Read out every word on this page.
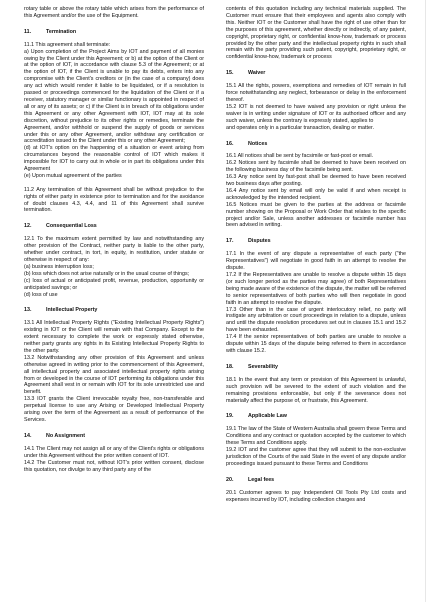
rotary table or above the rotary table which arises from the performance of this Agreement and/or the use of the Equipment.
11.	Termination
11.1 This agreement shall terminate:
a) Upon completion of the Project Aims by IOT and payment of all monies owing by the Client under this Agreement; or b) at the option of the Client or at the option of IOT, in accordance with clause 5.3 of the Agreement; or at the option of IOT, if the Client is unable to pay its debts, enters into any compromise with the Client's creditors or (in the case of a company) does any act which would render it liable to be liquidated, or if a resolution is passed or proceedings commenced for the liquidation of the Client or if a receiver, statutory manager or similar functionary is appointed in respect of all or any of its assets; or c) if the Client is in breach of its obligations under this Agreement or any other Agreement with IOT, IOT may at its sole discretion, without prejudice to its other rights or remedies, terminate the Agreement, and/or withhold or suspend the supply of goods or services under this or any other Agreement, and/or withdraw any certification or accreditation issued to the Client under this or any other Agreement;
(d) at IOT's option on the happening of a situation or event arising from circumstances beyond the reasonable control of IOT which makes it impossible for IOT to carry out in whole or in part its obligations under this Agreement
(e) Upon mutual agreement of the parties
11.2 Any termination of this Agreement shall be without prejudice to the rights of either party in existence prior to termination and for the avoidance of doubt clauses 4.3, 4.4, and 11 of this Agreement shall survive termination.
12.	Consequential Loss
12.1 To the maximum extent permitted by law and notwithstanding any other provision of the Contract, neither party is liable to the other party, whether under contract, in tort, in equity, in restitution, under statute or otherwise in respect of any:
(a) business interruption loss;
(b) loss which does not arise naturally or in the usual course of things;
(c) loss of actual or anticipated profit, revenue, production, opportunity or anticipated savings; or
(d) loss of use
13.	Intellectual Property
13.1 All Intellectual Property Rights ("Existing Intellectual Property Rights") existing in IOT or the Client will remain with that Company. Except to the extent necessary to complete the work or expressly stated otherwise, neither party grants any rights in its Existing Intellectual Property Rights to the other party.
13.2 Notwithstanding any other provision of this Agreement and unless otherwise agreed in writing prior to the commencement of this Agreement, all intellectual property and associated intellectual property rights arising from or developed in the course of IOT performing its obligations under this Agreement shall vest in or remain with IOT for its sole unrestricted use and benefit.
13.3 IOT grants the Client irrevocable royalty free, non-transferable and perpetual license to use any Arising or Developed Intellectual Property arising over the term of the Agreement as a result of performance of the Services.
14.	No Assignment
14.1 The Client may not assign all or any of the Client's rights or obligations under this Agreement without the prior written consent of IOT.
14.2 The Customer must not, without IOT's prior written consent, disclose this quotation, nor divulge to any third party any of the
contents of this quotation including any technical materials supplied. The Customer must ensure that their employees and agents also comply with this. Neither IOT or the Customer shall have the right of use other than for the purposes of this agreement, whether directly or indirectly, of any patent, copyright, proprietary right, or confidential know-how, trademark or process provided by the other party and the intellectual property rights in such shall remain with the party providing such patent, copyright, proprietary right, or confidential know-how, trademark or process
15.	Waiver
15.1 All the rights, powers, exemptions and remedies of IOT remain in full force notwithstanding any neglect, forbearance or delay in the enforcement thereof.
15.2 IOT is not deemed to have waived any provision or right unless the waiver is in writing under signature of IOT or its authorised officer and any such waiver, unless the contrary is expressly stated, applies to
and operates only in a particular transaction, dealing or matter.
16.	Notices
16.1 All notices shall be sent by facsimile or fast-post or email.
16.2 Notices sent by facsimile shall be deemed to have been received on the following business day of the facsimile being sent.
16.3 Any notice sent by fast-post shall be deemed to have been received two business days after posting.
16.4 Any notice sent by email will only be valid if and when receipt is acknowledged by the intended recipient.
16.5 Notices must be given to the parties at the address or facsimile number showing on the Proposal or Work Order that relates to the specific project and/or Sale, unless another addresses or facsimile number has been advised in writing.
17.	Disputes
17.1 In the event of any dispute a representative of each party ("the Representatives") will negotiate in good faith in an attempt to resolve the dispute.
17.2 If the Representatives are unable to resolve a dispute within 15 days (or such longer period as the parties may agree) of both Representatives being made aware of the existence of the dispute, the matter will be referred to senior representatives of both parties who will then negotiate in good faith in an attempt to resolve the dispute.
17.3 Other than in the case of urgent interlocutory relief, no party will instigate any arbitration or court proceedings in relation to a dispute, unless and until the dispute resolution procedures set out in clauses 15.1 and 15.2 have been exhausted.
17.4 If the senior representatives of both parties are unable to resolve a dispute within 15 days of the dispute being referred to them in accordance with clause 15.2.
18.	Severability
18.1 In the event that any term or provision of this Agreement is unlawful, such provision will be severed to the extent of such violation and the remaining provisions enforceable, but only if the severance does not materially affect the purpose of, or frustrate, this Agreement.
19.	Applicable Law
19.1 The law of the State of Western Australia shall govern these Terms and Conditions and any contract or quotation accepted by the customer to which these Terms and Conditions apply.
19.2 IOT and the customer agree that they will submit to the non-exclusive jurisdiction of the Courts of the said State in the event of any dispute and/or proceedings issued pursuant to these Terms and Conditions
20.	Legal fees
20.1 Customer agrees to pay Independent Oil Tools Pty Ltd costs and expenses incurred by IOT, including collection charges and
